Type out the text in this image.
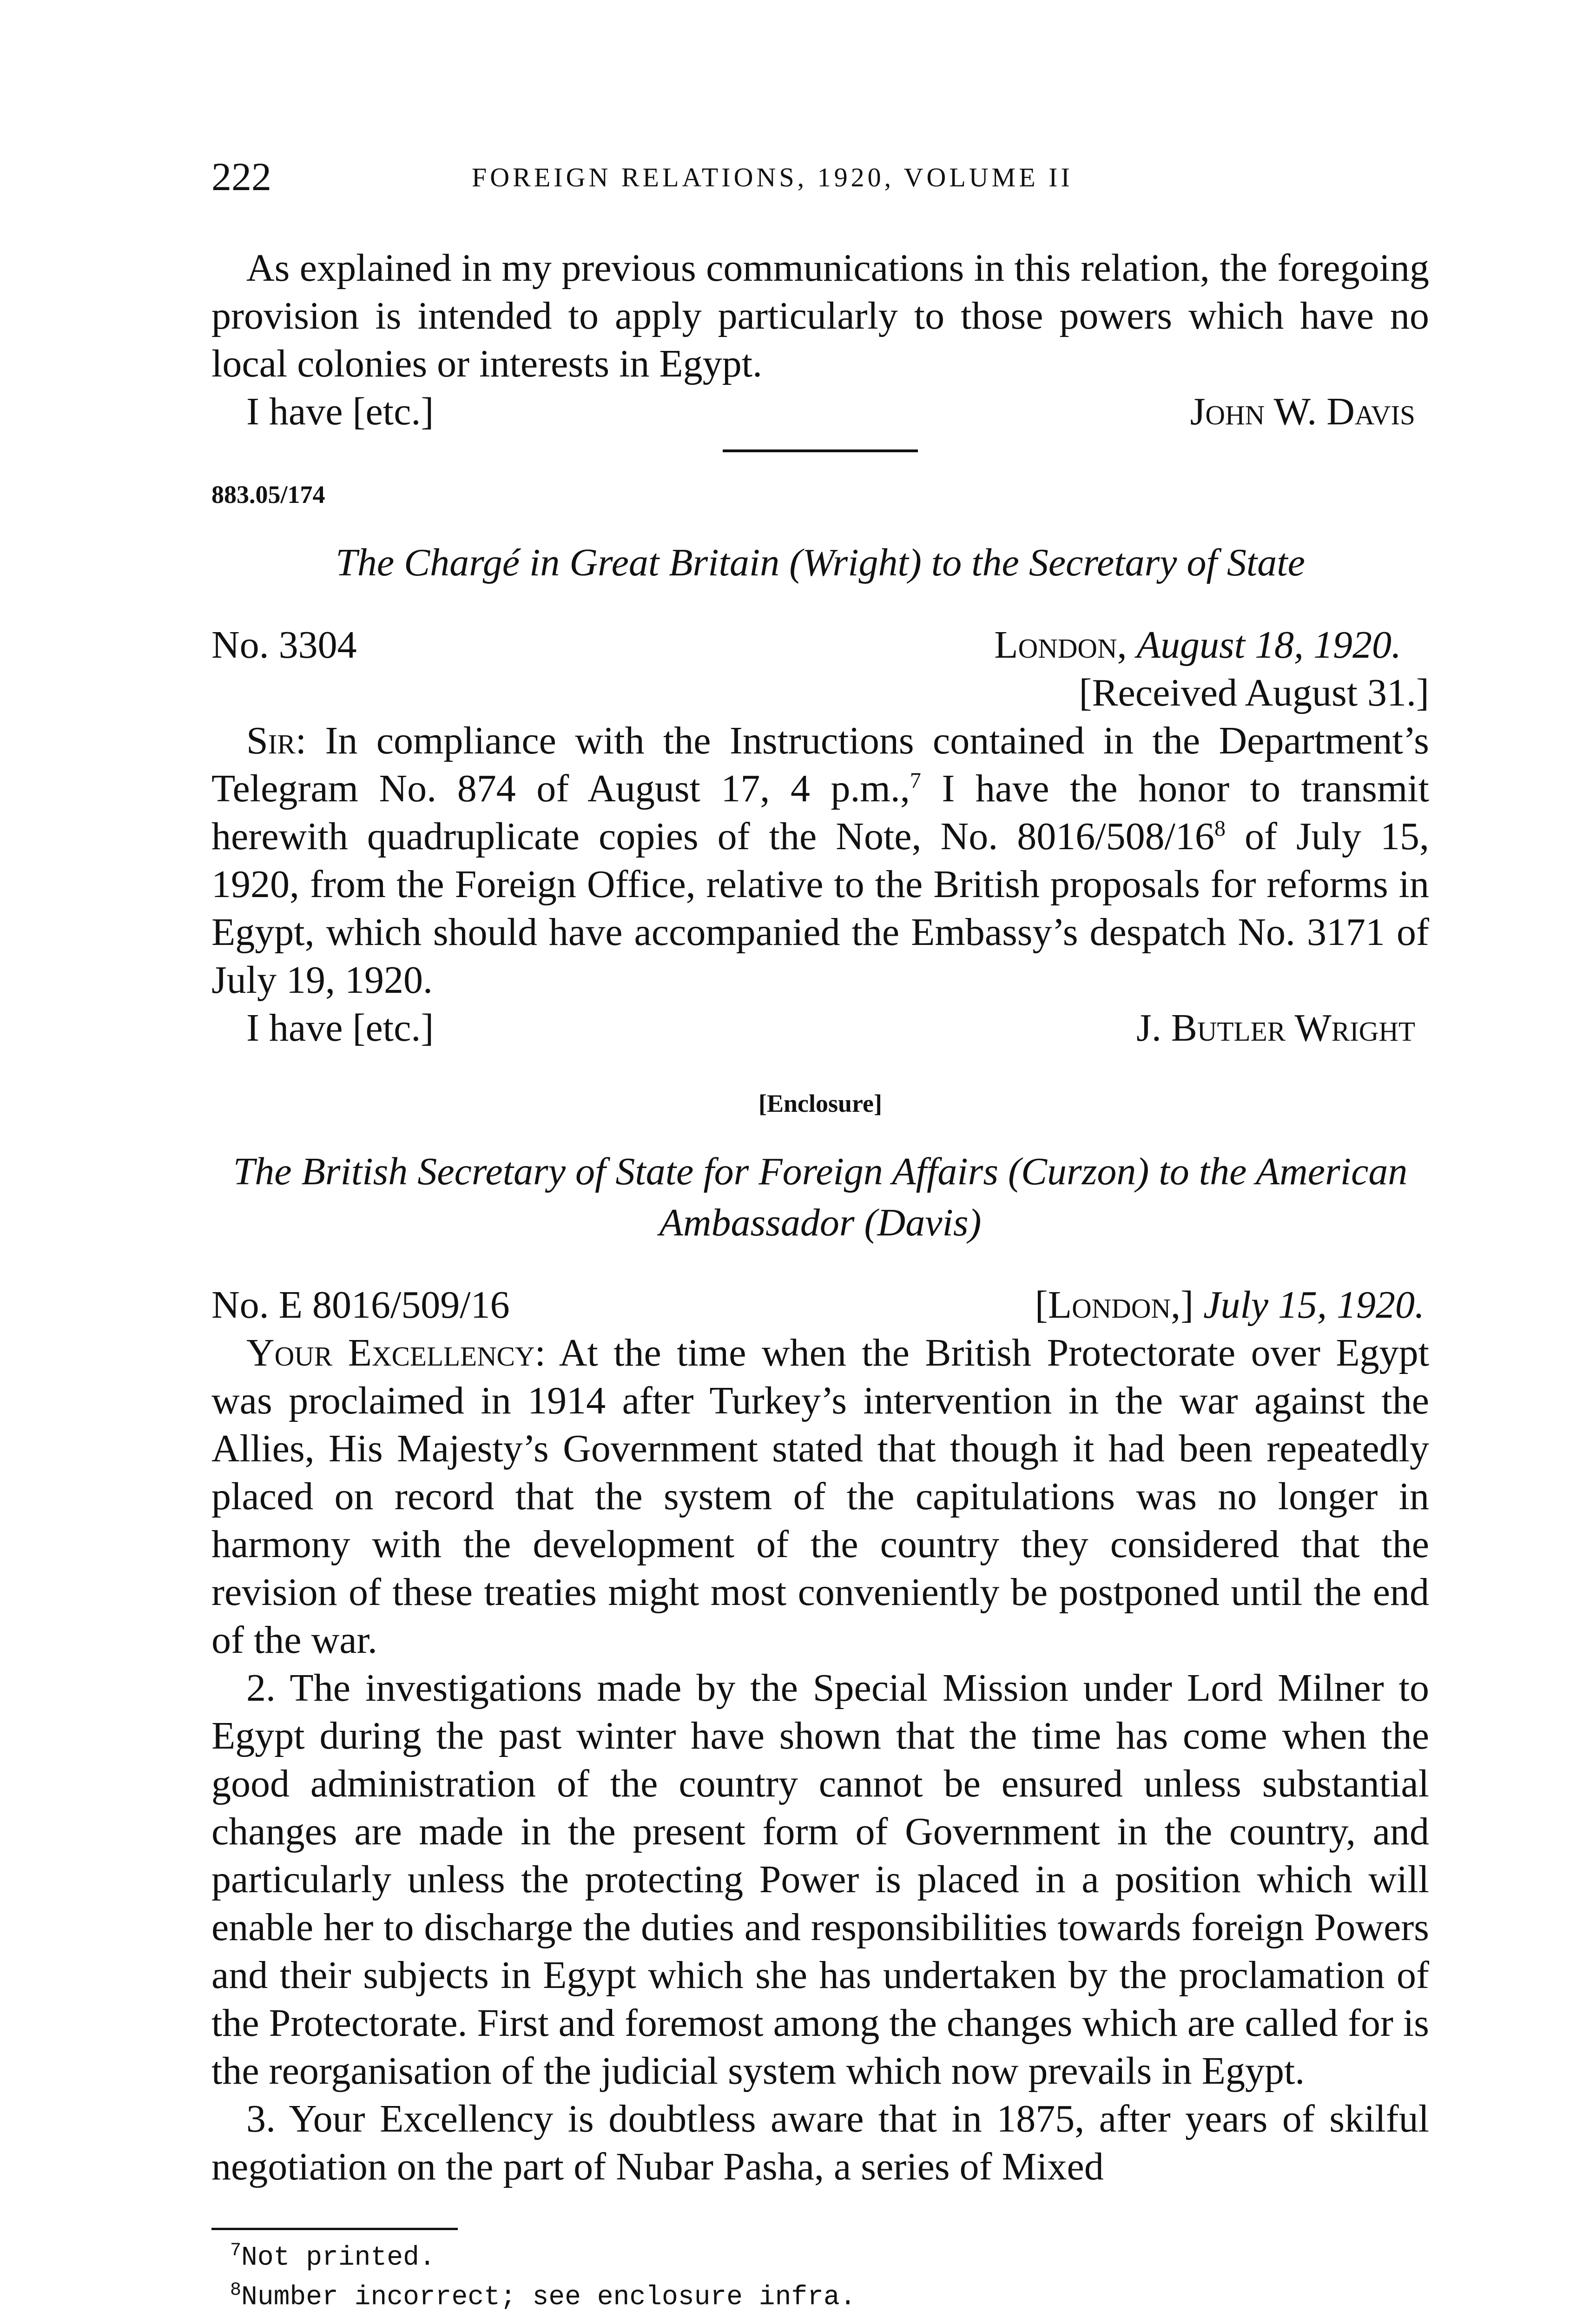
222	FOREIGN RELATIONS, 1920, VOLUME II

As explained in my previous communications in this relation, the foregoing provision is intended to apply particularly to those powers which have no local colonies or interests in Egypt.

I have [etc.]	John W. Davis
883.05/174
The Chargé in Great Britain (Wright) to the Secretary of State
No. 3304	London, August 18, 1920.
[Received August 31.]

Sir: In compliance with the Instructions contained in the Department’s Telegram No. 874 of August 17, 4 p.m.,$^7$ I have the honor to transmit herewith quadruplicate copies of the Note, No. 8016/508/16$^8$ of July 15, 1920, from the Foreign Office, relative to the British proposals for reforms in Egypt, which should have accompanied the Embassy’s despatch No. 3171 of July 19, 1920.

I have [etc.]	J. Butler Wright
[Enclosure]
The British Secretary of State for Foreign Affairs (Curzon) to the American Ambassador (Davis)
No. E 8016/509/16	[London,] July 15, 1920.

Your Excellency: At the time when the British Protectorate over Egypt was proclaimed in 1914 after Turkey’s intervention in the war against the Allies, His Majesty’s Government stated that though it had been repeatedly placed on record that the system of the capitulations was no longer in harmony with the development of the country they considered that the revision of these treaties might most conveniently be postponed until the end of the war.

2. The investigations made by the Special Mission under Lord Milner to Egypt during the past winter have shown that the time has come when the good administration of the country cannot be ensured unless substantial changes are made in the present form of Government in the country, and particularly unless the protecting Power is placed in a position which will enable her to discharge the duties and responsibilities towards foreign Powers and their subjects in Egypt which she has undertaken by the proclamation of the Protectorate. First and foremost among the changes which are called for is the reorganisation of the judicial system which now prevails in Egypt.

3. Your Excellency is doubtless aware that in 1875, after years of skilful negotiation on the part of Nubar Pasha, a series of Mixed

$^7$Not printed.
$^8$Number incorrect; see enclosure infra.
